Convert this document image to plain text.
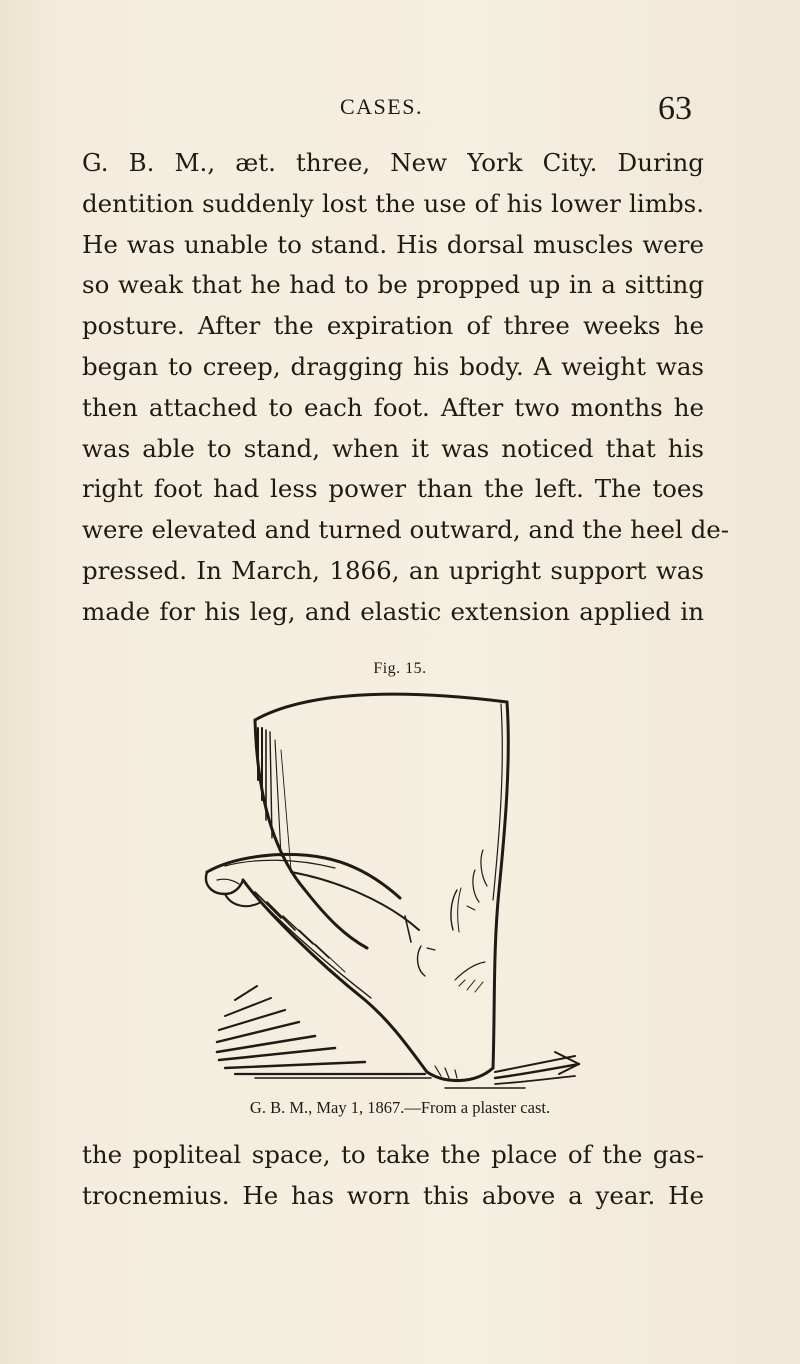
CASES.	63
G. B. M., æt. three, New York City. During
dentition suddenly lost the use of his lower limbs.
He was unable to stand. His dorsal muscles were
so weak that he had to be propped up in a sitting
posture. After the expiration of three weeks he
began to creep, dragging his body. A weight was
then attached to each foot. After two months he
was able to stand, when it was noticed that his
right foot had less power than the left. The toes
were elevated and turned outward, and the heel de-
pressed. In March, 1866, an upright support was
made for his leg, and elastic extension applied in
Fig. 15.
G. B. M., May 1, 1867.—From a plaster cast.
the popliteal space, to take the place of the gas-
trocnemius. He has worn this above a year. He
